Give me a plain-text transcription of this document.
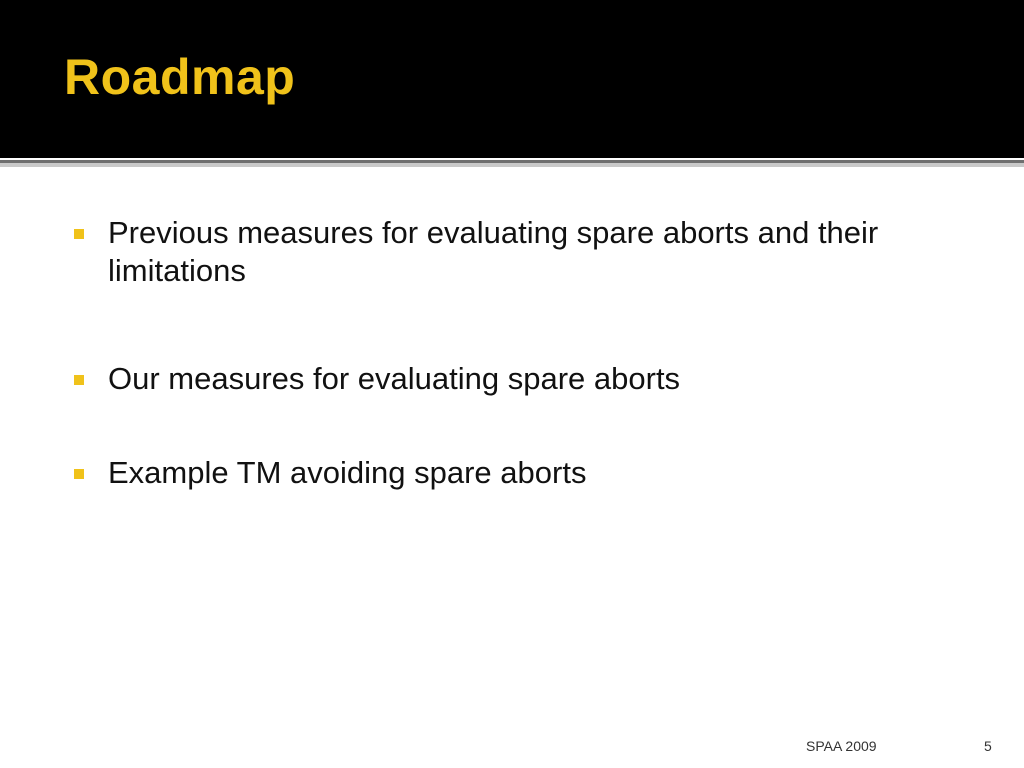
Roadmap
Previous measures for evaluating spare aborts and their limitations
Our measures for evaluating spare aborts
Example TM avoiding spare aborts
SPAA 2009	5
